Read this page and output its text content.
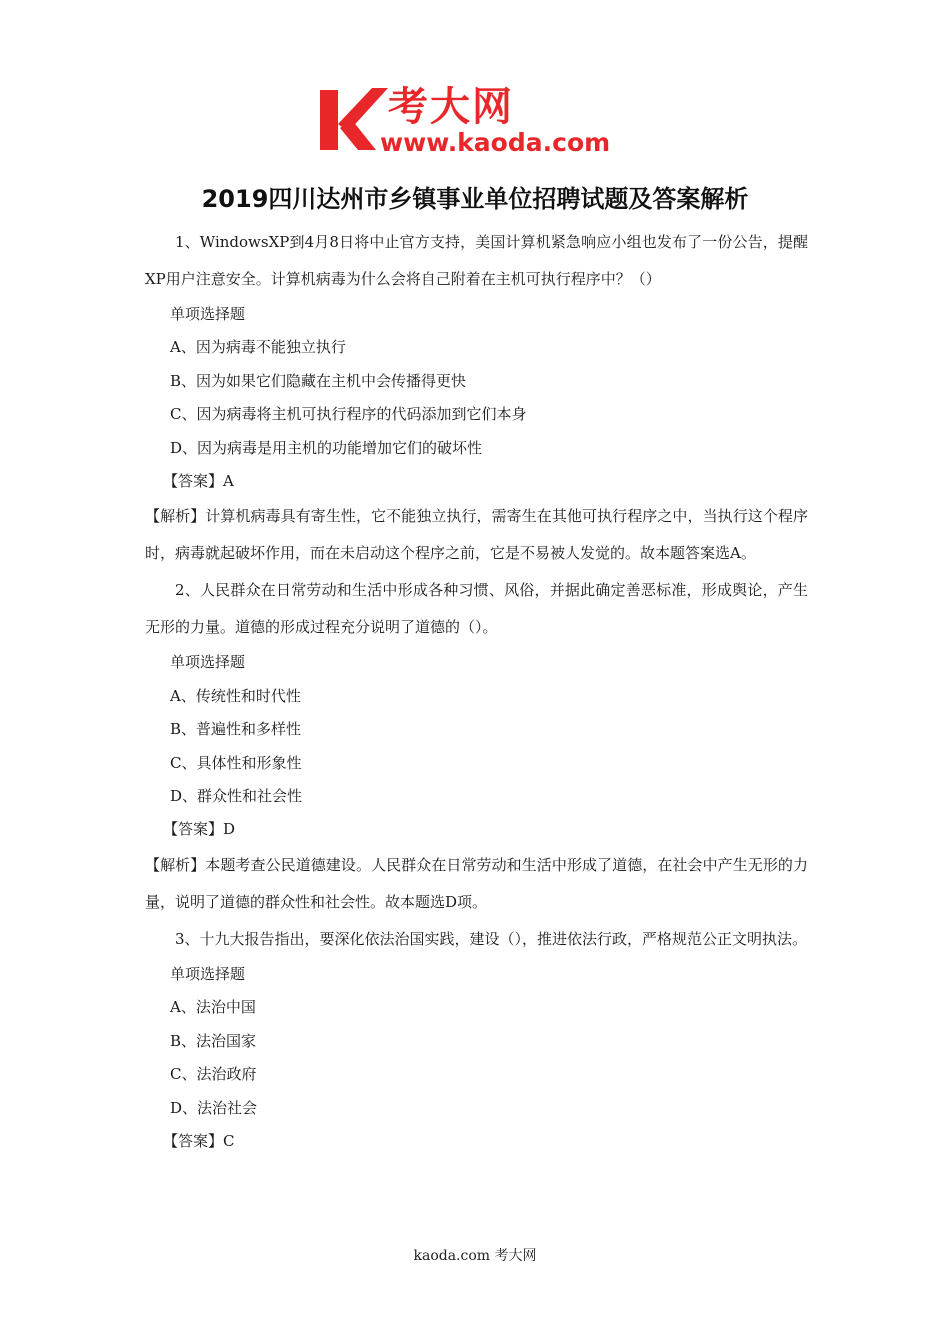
考大网
www.kaoda.com
2019四川达州市乡镇事业单位招聘试题及答案解析

1、WindowsXP到4月8日将中止官方支持，美国计算机紧急响应小组也发布了一份公告，提醒XP用户注意安全。计算机病毒为什么会将自己附着在主机可执行程序中？（）

单项选择题

A、因为病毒不能独立执行

B、因为如果它们隐藏在主机中会传播得更快

C、因为病毒将主机可执行程序的代码添加到它们本身

D、因为病毒是用主机的功能增加它们的破坏性

【答案】A

【解析】计算机病毒具有寄生性，它不能独立执行，需寄生在其他可执行程序之中，当执行这个程序时，病毒就起破坏作用，而在未启动这个程序之前，它是不易被人发觉的。故本题答案选A。

2、人民群众在日常劳动和生活中形成各种习惯、风俗，并据此确定善恶标准，形成舆论，产生无形的力量。道德的形成过程充分说明了道德的（）。

单项选择题

A、传统性和时代性

B、普遍性和多样性

C、具体性和形象性

D、群众性和社会性

【答案】D

【解析】本题考查公民道德建设。人民群众在日常劳动和生活中形成了道德，在社会中产生无形的力量，说明了道德的群众性和社会性。故本题选D项。

3、十九大报告指出，要深化依法治国实践，建设（），推进依法行政，严格规范公正文明执法。

单项选择题

A、法治中国

B、法治国家

C、法治政府

D、法治社会

【答案】C

kaoda.com 考大网
